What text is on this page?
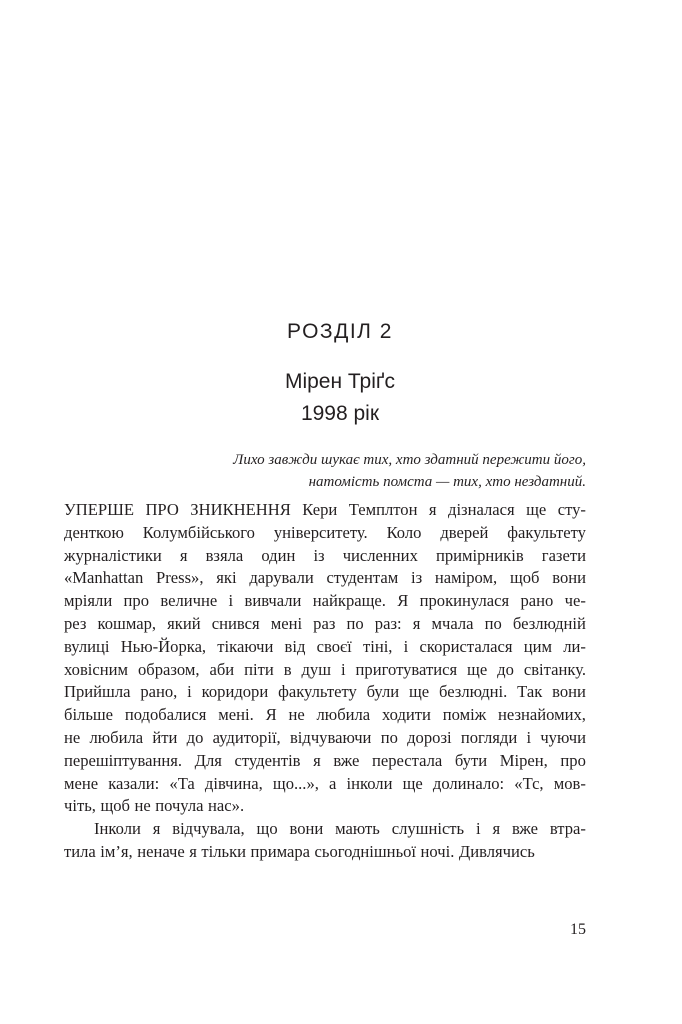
РОЗДІЛ 2
Мірен Тріґс
1998 рік
Лихо завжди шукає тих, хто здатний пережити його,
натомість помста — тих, хто нездатний.
УПЕРШЕ ПРО ЗНИКНЕННЯ Кери Темплтон я дізналася ще сту-
денткою Колумбійського університету. Коло дверей факультету
журналістики я взяла один із численних примірників газети
«Manhattan Press», які дарували студентам із наміром, щоб вони
мріяли про величне і вивчали найкраще. Я прокинулася рано че-
рез кошмар, який снився мені раз по раз: я мчала по безлюдній
вулиці Нью-Йорка, тікаючи від своєї тіні, і скористалася цим ли-
ховісним образом, аби піти в душ і приготуватися ще до світанку.
Прийшла рано, і коридори факультету були ще безлюдні. Так вони
більше подобалися мені. Я не любила ходити поміж незнайомих,
не любила йти до аудиторії, відчуваючи по дорозі погляди і чуючи
перешіптування. Для студентів я вже перестала бути Мірен, про
мене казали: «Та дівчина, що...», а інколи ще долинало: «Тс, мов-
чіть, щоб не почула нас».
Інколи я відчувала, що вони мають слушність і я вже втра-
тила ім’я, неначе я тільки примара сьогоднішньої ночі. Дивлячись
15
